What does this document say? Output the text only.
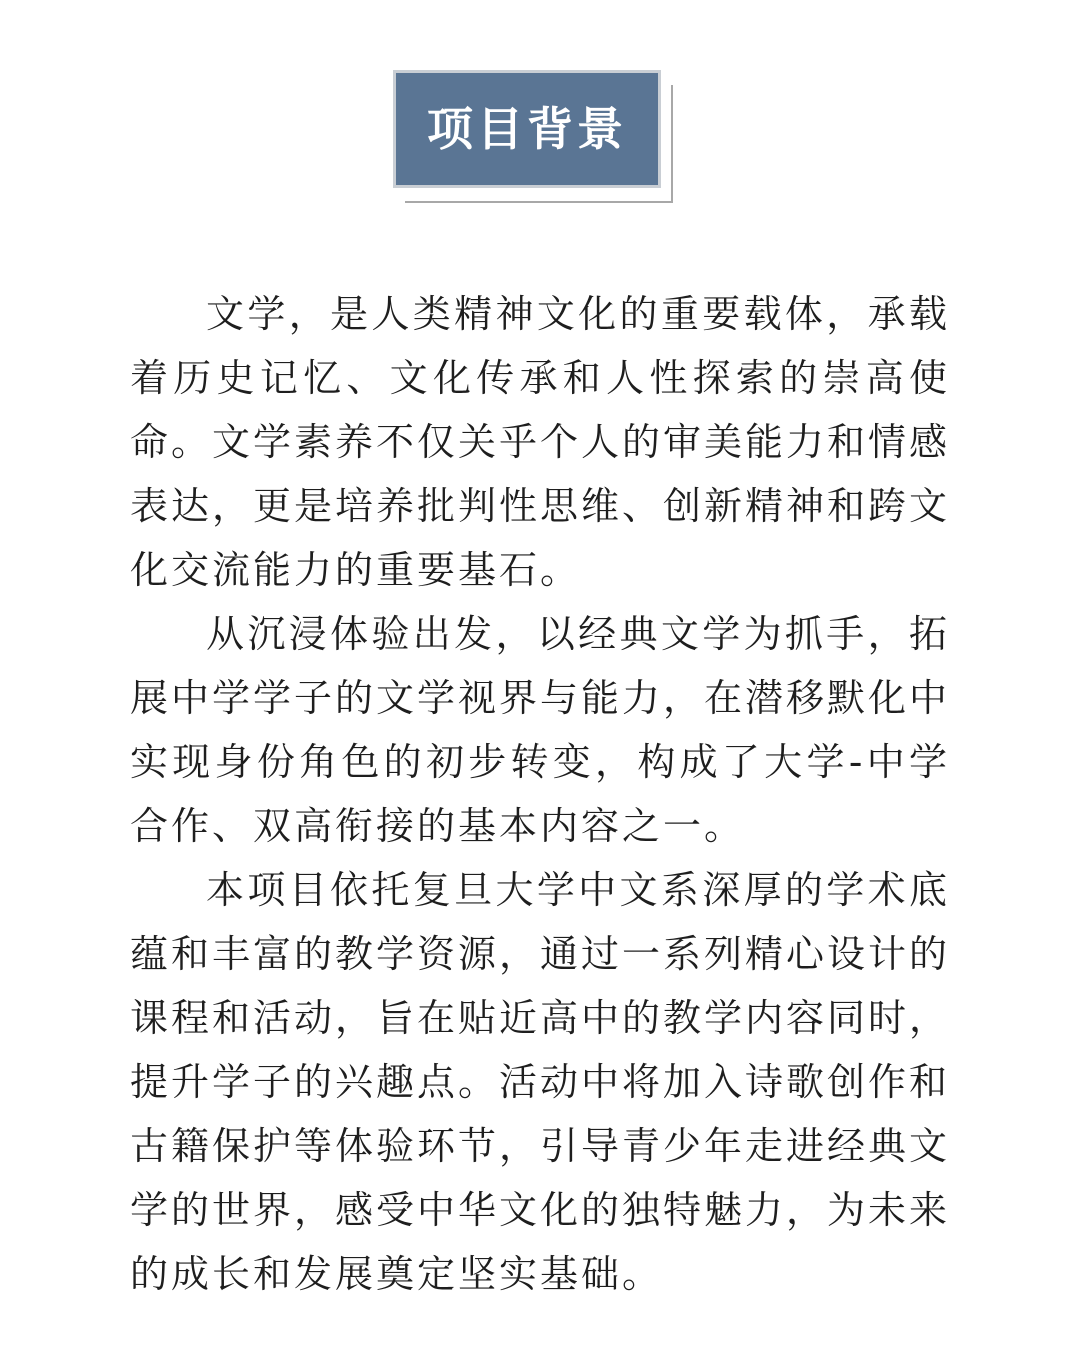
项目背景

文学，是人类精神文化的重要载体，承载着历史记忆、文化传承和人性探索的崇高使命。文学素养不仅关乎个人的审美能力和情感表达，更是培养批判性思维、创新精神和跨文化交流能力的重要基石。

从沉浸体验出发，以经典文学为抓手，拓展中学学子的文学视界与能力，在潜移默化中实现身份角色的初步转变，构成了大学-中学合作、双高衔接的基本内容之一。

本项目依托复旦大学中文系深厚的学术底蕴和丰富的教学资源，通过一系列精心设计的课程和活动，旨在贴近高中的教学内容同时，提升学子的兴趣点。活动中将加入诗歌创作和古籍保护等体验环节，引导青少年走进经典文学的世界，感受中华文化的独特魅力，为未来的成长和发展奠定坚实基础。
